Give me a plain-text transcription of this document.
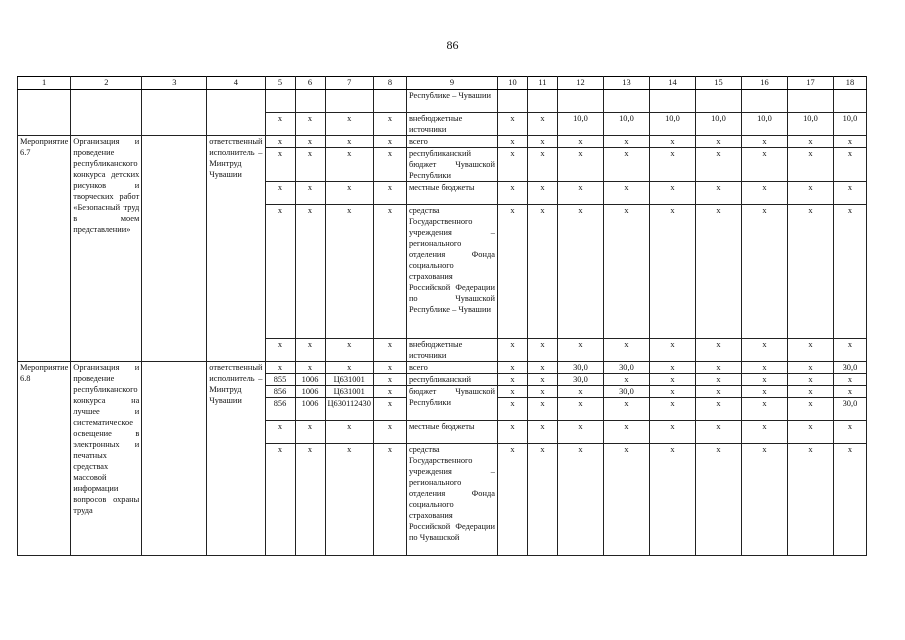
86
1	2	3	4	5	6	7	8	9	10	11	12	13	14	15	16	17	18
								Республике – Чувашии									
				x	x	x	x	внебюджетные источники	x	x	10,0	10,0	10,0	10,0	10,0	10,0	10,0
Мероприятие 6.7	Организация и проведение республиканского конкурса детских рисунков и творческих работ «Безопасный труд в моем представлении»		ответственный исполнитель – Минтруд Чувашии	x	x	x	x	всего	x	x	x	x	x	x	x	x	x
				x	x	x	x	республиканский бюджет Чувашской Республики	x	x	x	x	x	x	x	x	x
				x	x	x	x	местные бюджеты	x	x	x	x	x	x	x	x	x
				x	x	x	x	средства Государственного учреждения – регионального отделения Фонда социального страхования Российской Федерации по Чувашской Республике – Чувашии	x	x	x	x	x	x	x	x	x
				x	x	x	x	внебюджетные источники	x	x	x	x	x	x	x	x	x
Мероприятие 6.8	Организация и проведение республиканского конкурса на лучшее и систематическое освещение в электронных и печатных средствах массовой информации вопросов охраны труда		ответственный исполнитель – Минтруд Чувашии	x	x	x	x	всего	x	x	30,0	30,0	x	x	x	x	30,0
				855	1006	Ц631001	x	республиканский	x	x	30,0	x	x	x	x	x	x
				856	1006	Ц631001	x	бюджет Чувашской Республики	x	x	x	30,0	x	x	x	x	x
				856	1006	Ц630112430	x		x	x	x	x	x	x	x	x	30,0
				x	x	x	x	местные бюджеты	x	x	x	x	x	x	x	x	x
				x	x	x	x	средства Государственного учреждения – регионального отделения Фонда социального страхования Российской Федерации по Чувашской	x	x	x	x	x	x	x	x	x
